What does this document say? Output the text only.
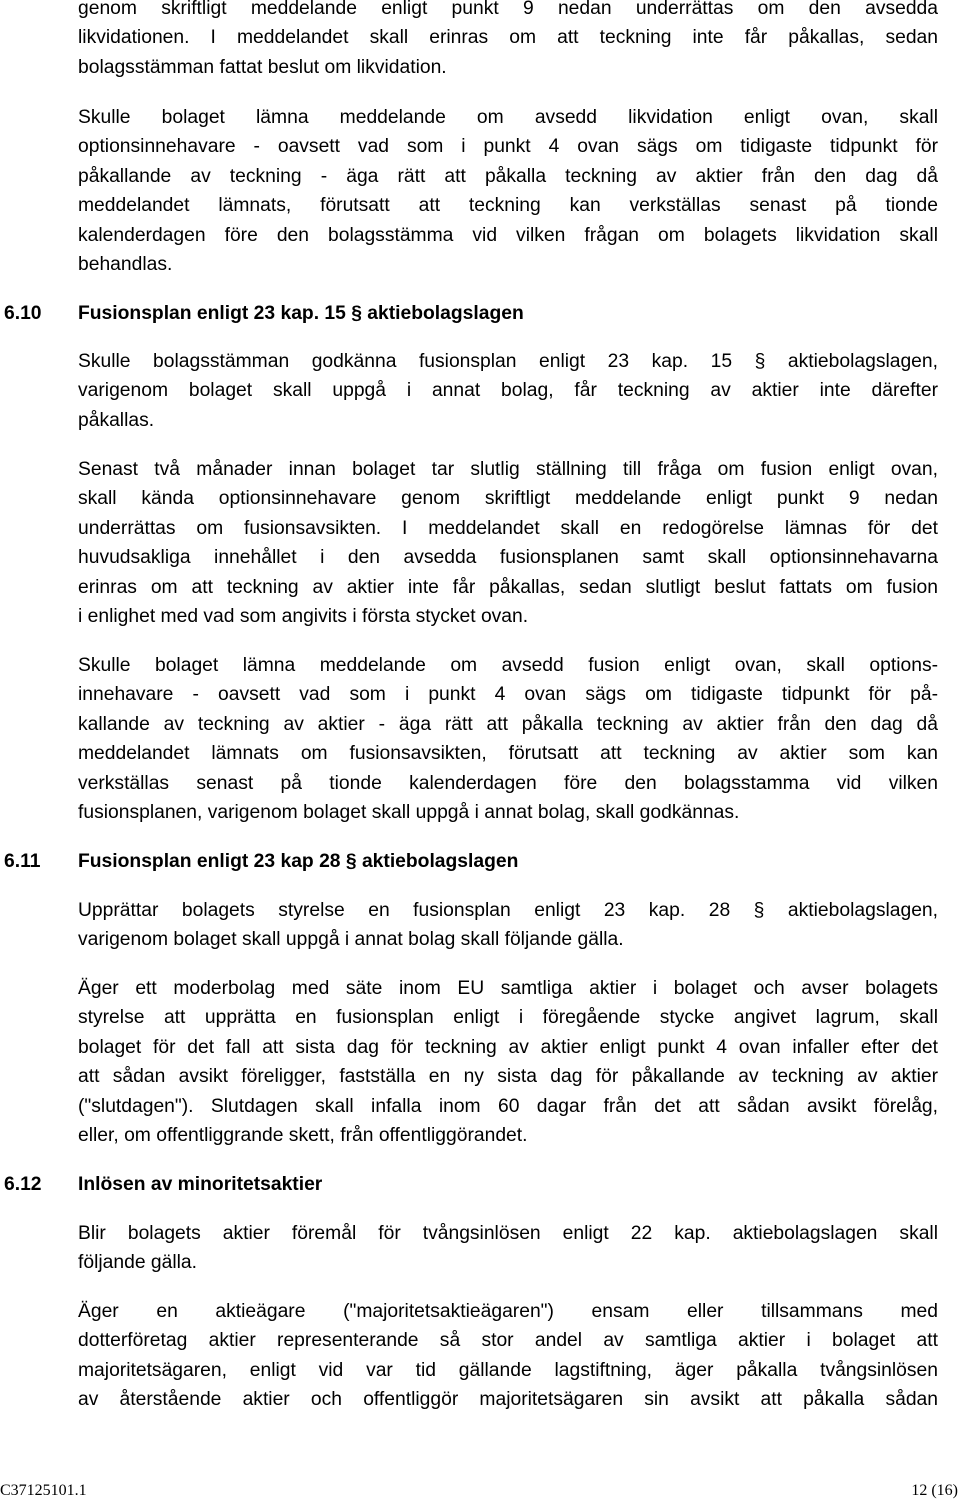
genom skriftligt meddelande enligt punkt 9 nedan underrättas om den avsedda
likvidationen. I meddelandet skall erinras om att teckning inte får påkallas, sedan
bolagsstämman fattat beslut om likvidation.
Skulle bolaget lämna meddelande om avsedd likvidation enligt ovan, skall
optionsinnehavare - oavsett vad som i punkt 4 ovan sägs om tidigaste tidpunkt för
påkallande av teckning - äga rätt att påkalla teckning av aktier från den dag då
meddelandet lämnats, förutsatt att teckning kan verkställas senast på tionde
kalenderdagen före den bolagsstämma vid vilken frågan om bolagets likvidation skall
behandlas.
6.10 Fusionsplan enligt 23 kap. 15 § aktiebolagslagen
Skulle bolagsstämman godkänna fusionsplan enligt 23 kap. 15 § aktiebolagslagen,
varigenom bolaget skall uppgå i annat bolag, får teckning av aktier inte därefter
påkallas.
Senast två månader innan bolaget tar slutlig ställning till fråga om fusion enligt ovan,
skall kända optionsinnehavare genom skriftligt meddelande enligt punkt 9 nedan
underrättas om fusionsavsikten. I meddelandet skall en redogörelse lämnas för det
huvudsakliga innehållet i den avsedda fusionsplanen samt skall optionsinnehavarna
erinras om att teckning av aktier inte får påkallas, sedan slutligt beslut fattats om fusion
i enlighet med vad som angivits i första stycket ovan.
Skulle bolaget lämna meddelande om avsedd fusion enligt ovan, skall options-
innehavare - oavsett vad som i punkt 4 ovan sägs om tidigaste tidpunkt för på-
kallande av teckning av aktier - äga rätt att påkalla teckning av aktier från den dag då
meddelandet lämnats om fusionsavsikten, förutsatt att teckning av aktier som kan
verkställas senast på tionde kalenderdagen före den bolagsstamma vid vilken
fusionsplanen, varigenom bolaget skall uppgå i annat bolag, skall godkännas.
6.11 Fusionsplan enligt 23 kap 28 § aktiebolagslagen
Upprättar bolagets styrelse en fusionsplan enligt 23 kap. 28 § aktiebolagslagen,
varigenom bolaget skall uppgå i annat bolag skall följande gälla.
Äger ett moderbolag med säte inom EU samtliga aktier i bolaget och avser bolagets
styrelse att upprätta en fusionsplan enligt i föregående stycke angivet lagrum, skall
bolaget för det fall att sista dag för teckning av aktier enligt punkt 4 ovan infaller efter det
att sådan avsikt föreligger, fastställa en ny sista dag för påkallande av teckning av aktier
("slutdagen"). Slutdagen skall infalla inom 60 dagar från det att sådan avsikt förelåg,
eller, om offentliggrande skett, från offentliggörandet.
6.12 Inlösen av minoritetsaktier
Blir bolagets aktier föremål för tvångsinlösen enligt 22 kap. aktiebolagslagen skall
följande gälla.
Äger en aktieägare ("majoritetsaktieägaren") ensam eller tillsammans med
dotterföretag aktier representerande så stor andel av samtliga aktier i bolaget att
majoritetsägaren, enligt vid var tid gällande lagstiftning, äger påkalla tvångsinlösen
av återstående aktier och offentliggör majoritetsägaren sin avsikt att påkalla sådan
C37125101.1	12 (16)
